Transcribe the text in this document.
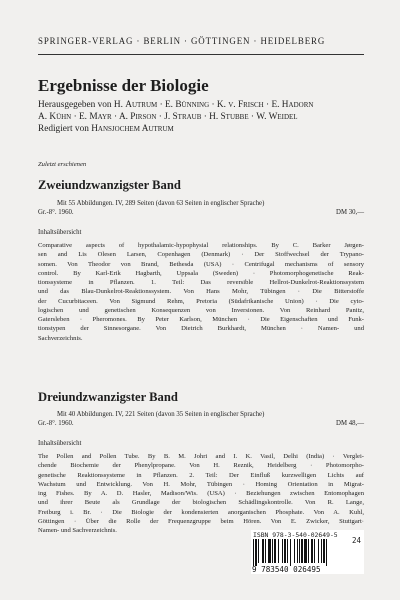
SPRINGER-VERLAG · BERLIN · GÖTTINGEN · HEIDELBERG
Ergebnisse der Biologie
Herausgegeben von H. Autrum · E. Bünning · K. v. Frisch · E. Hadorn
A. Kühn · E. Mayr · A. Pirson · J. Straub · H. Stubbe · W. Weidel
Redigiert von Hansjochem Autrum
Zuletzt erschienen
Zweiundzwanzigster Band
Mit 55 Abbildungen. IV, 289 Seiten (davon 63 Seiten in englischer Sprache)
Gr.-8°. 1960.	DM 30,—
Inhaltsübersicht
Comparative aspects of hypothalamic-hypophysial relationships. By C. Barker Jørgen-
sen and Lis Olesen Larsen, Copenhagen (Denmark) · Der Stoffwechsel der Trypano-
somen. Von Theodor von Brand, Bethesda (USA) · Centrifugal mechanisms of sensory
control. By Karl-Erik Hagbarth, Uppsala (Sweden) · Photomorphogenetische Reak-
tionssysteme in Pflanzen. 1. Teil: Das reversible Hellrot-Dunkelrot-Reaktionssystem
und das Blau-Dunkelrot-Reaktionssystem. Von Hans Mohr, Tübingen · Die Bitterstoffe
der Cucurbitaceen. Von Sigmund Rehm, Pretoria (Südafrikanische Union) · Die cyto-
logischen und genetischen Konsequenzen von Inversionen. Von Reinhard Panitz,
Gatersleben · Pheromones. By Peter Karlson, München · Die Eigenschaften und Funk-
tionstypen der Sinnesorgane. Von Dietrich Burkhardt, München · Namen- und
Sachverzeichnis.
Dreiundzwanzigster Band
Mit 40 Abbildungen. IV, 221 Seiten (davon 35 Seiten in englischer Sprache)
Gr.-8°. 1960.	DM 48,—
Inhaltsübersicht
The Pollen and Pollen Tube. By B. M. Johri and I. K. Vasil, Delhi (India) · Verglei-
chende Biochemie der Phenylpropane. Von H. Reznik, Heidelberg · Photomorpho-
genetische Reaktionssysteme in Pflanzen. 2. Teil: Der Einfluß kurzwelligen Lichts auf
Wachstum und Entwicklung. Von H. Mohr, Tübingen · Homing Orientation in Migrat-
ing Fishes. By A. D. Hasler, Madison/Wis. (USA) · Beziehungen zwischen Entomophagen
und ihrer Beute als Grundlage der biologischen Schädlingskontrolle. Von R. Lange,
Freiburg i. Br. · Die Biologie der kondensierten anorganischen Phosphate. Von A. Kuhl,
Göttingen · Über die Rolle der Frequenzgruppe beim Hören. Von E. Zwicker, Stuttgart·
Namen- und Sachverzeichnis.
ISBN 978-3-540-02649-5
24
9 783540 026495
